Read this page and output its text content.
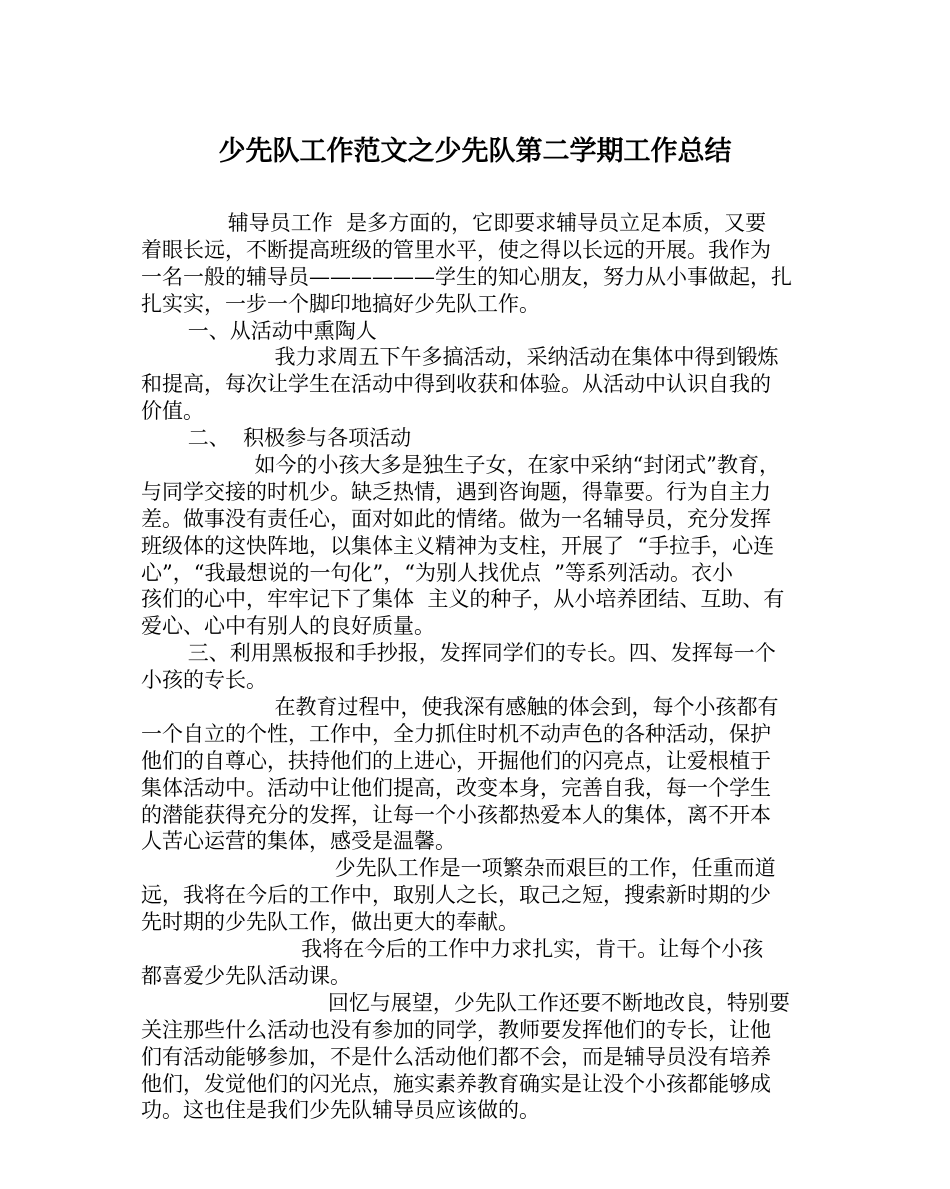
少先队工作范文之少先队第二学期工作总结
辅导员工作  是多方面的，它即要求辅导员立足本质，又要
着眼长远，不断提高班级的管里水平，使之得以长远的开展。我作为
一名一般的辅导员——————学生的知心朋友，努力从小事做起，扎
扎实实，一步一个脚印地搞好少先队工作。
一、从活动中熏陶人
我力求周五下午多搞活动，采纳活动在集体中得到锻炼
和提高，每次让学生在活动中得到收获和体验。从活动中认识自我的
价值。
二、  积极参与各项活动
如今的小孩大多是独生子女，在家中采纳“封闭式”教育，
与同学交接的时机少。缺乏热情，遇到咨询题，得靠要。行为自主力
差。做事没有责任心，面对如此的情绪。做为一名辅导员，充分发挥
班级体的这快阵地，以集体主义精神为支柱，开展了  “手拉手，心连
心”，“我最想说的一句化”，“为别人找优点  ”等系列活动。衣小
孩们的心中，牢牢记下了集体  主义的种子，从小培养团结、互助、有
爱心、心中有别人的良好质量。
三、利用黑板报和手抄报，发挥同学们的专长。四、发挥每一个
小孩的专长。
在教育过程中，使我深有感触的体会到，每个小孩都有
一个自立的个性，工作中，全力抓住时机不动声色的各种活动，保护
他们的自尊心，扶持他们的上进心，开掘他们的闪亮点，让爱根植于
集体活动中。活动中让他们提高，改变本身，完善自我，每一个学生
的潜能获得充分的发挥，让每一个小孩都热爱本人的集体，离不开本
人苦心运营的集体，感受是温馨。
少先队工作是一项繁杂而艰巨的工作，任重而道
远，我将在今后的工作中，取别人之长，取己之短，搜索新时期的少
先时期的少先队工作，做出更大的奉献。
我将在今后的工作中力求扎实，肯干。让每个小孩
都喜爱少先队活动课。
回忆与展望，少先队工作还要不断地改良，特别要
关注那些什么活动也没有参加的同学，教师要发挥他们的专长，让他
们有活动能够参加，不是什么活动他们都不会，而是辅导员没有培养
他们，发觉他们的闪光点，施实素养教育确实是让没个小孩都能够成
功。这也住是我们少先队辅导员应该做的。
